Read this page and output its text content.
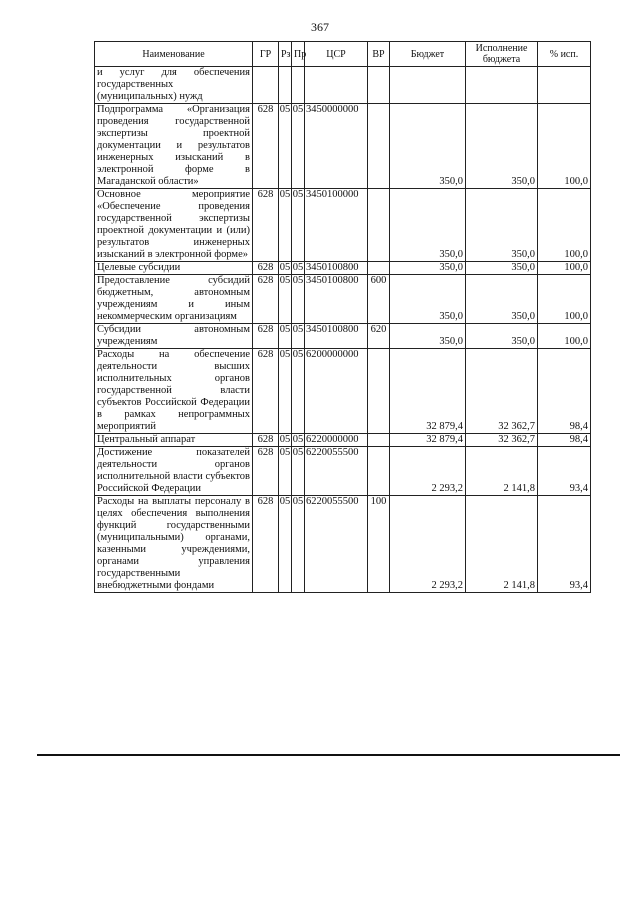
367
Наименование	ГР	Рз	Пр	ЦСР	ВР	Бюджет	Исполнение бюджета	% исп.
и услуг для обеспечения государственных (муниципальных) нужд								
Подпрограмма «Организация проведения государственной экспертизы проектной документации и результатов инженерных изысканий в электронной форме в Магаданской области»	628	05	05	3450000000		350,0	350,0	100,0
Основное мероприятие «Обеспечение проведения государственной экспертизы проектной документации и (или) результатов инженерных изысканий в электронной форме»	628	05	05	3450100000		350,0	350,0	100,0
Целевые субсидии	628	05	05	3450100800		350,0	350,0	100,0
Предоставление субсидий бюджетным, автономным учреждениям и иным некоммерческим организациям	628	05	05	3450100800	600	350,0	350,0	100,0
Субсидии автономным учреждениям	628	05	05	3450100800	620	350,0	350,0	100,0
Расходы на обеспечение деятельности высших исполнительных органов государственной власти субъектов Российской Федерации в рамках непрограммных мероприятий	628	05	05	6200000000		32 879,4	32 362,7	98,4
Центральный аппарат	628	05	05	6220000000		32 879,4	32 362,7	98,4
Достижение показателей деятельности органов исполнительной власти субъектов Российской Федерации	628	05	05	6220055500		2 293,2	2 141,8	93,4
Расходы на выплаты персоналу в целях обеспечения выполнения функций государственными (муниципальными) органами, казенными учреждениями, органами управления государственными внебюджетными фондами	628	05	05	6220055500	100	2 293,2	2 141,8	93,4
